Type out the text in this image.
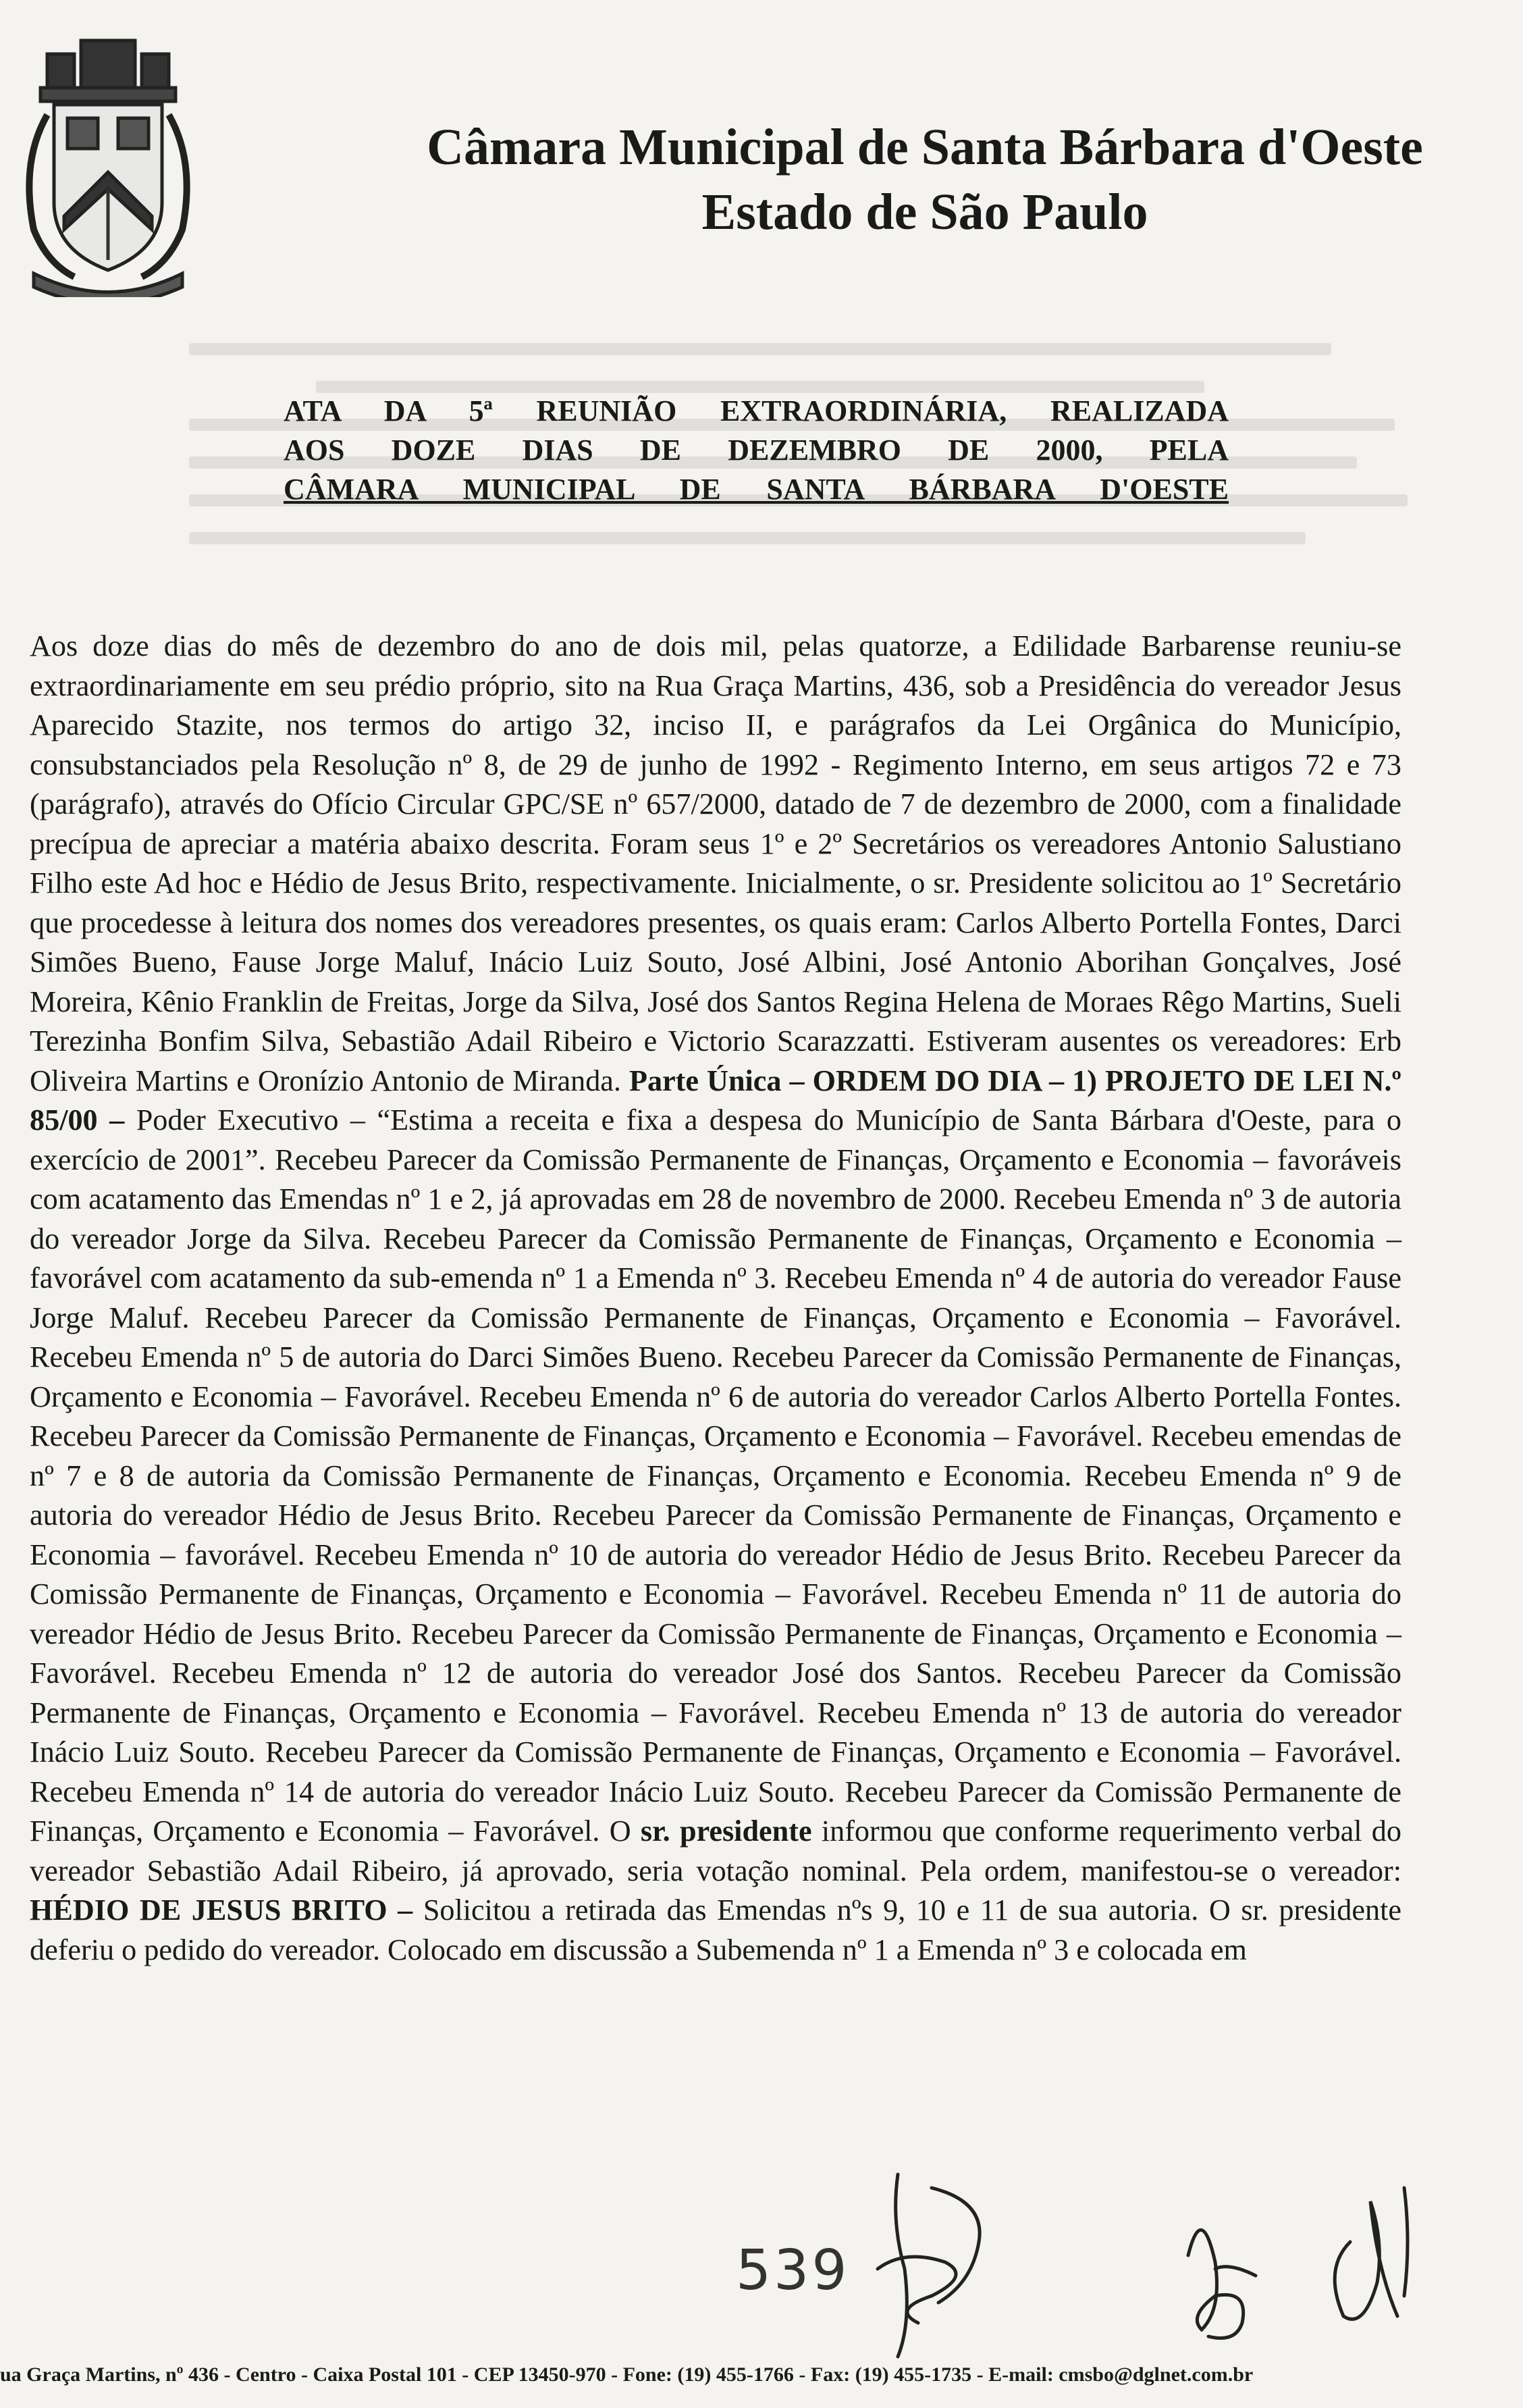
Câmara Municipal de Santa Bárbara d'Oeste

Estado de São Paulo

ATA DA 5ª REUNIÃO EXTRAORDINÁRIA, REALIZADA
AOS DOZE DIAS DE DEZEMBRO DE 2000, PELA
CÂMARA MUNICIPAL DE SANTA BÁRBARA D'OESTE

Aos doze dias do mês de dezembro do ano de dois mil, pelas quatorze, a Edilidade Barbarense reuniu-se extraordinariamente em seu prédio próprio, sito na Rua Graça Martins, 436, sob a Presidência do vereador Jesus Aparecido Stazite, nos termos do artigo 32, inciso II, e parágrafos da Lei Orgânica do Município, consubstanciados pela Resolução nº 8, de 29 de junho de 1992 - Regimento Interno, em seus artigos 72 e 73 (parágrafo), através do Ofício Circular GPC/SE nº 657/2000, datado de 7 de dezembro de 2000, com a finalidade precípua de apreciar a matéria abaixo descrita. Foram seus 1º e 2º Secretários os vereadores Antonio Salustiano Filho este Ad hoc e Hédio de Jesus Brito, respectivamente. Inicialmente, o sr. Presidente solicitou ao 1º Secretário que procedesse à leitura dos nomes dos vereadores presentes, os quais eram: Carlos Alberto Portella Fontes, Darci Simões Bueno, Fause Jorge Maluf, Inácio Luiz Souto, José Albini, José Antonio Aborihan Gonçalves, José Moreira, Kênio Franklin de Freitas, Jorge da Silva, José dos Santos Regina Helena de Moraes Rêgo Martins, Sueli Terezinha Bonfim Silva, Sebastião Adail Ribeiro e Victorio Scarazzatti. Estiveram ausentes os vereadores: Erb Oliveira Martins e Oronízio Antonio de Miranda. Parte Única – ORDEM DO DIA – 1) PROJETO DE LEI N.º 85/00 – Poder Executivo – “Estima a receita e fixa a despesa do Município de Santa Bárbara d'Oeste, para o exercício de 2001”. Recebeu Parecer da Comissão Permanente de Finanças, Orçamento e Economia – favoráveis com acatamento das Emendas nº 1 e 2, já aprovadas em 28 de novembro de 2000. Recebeu Emenda nº 3 de autoria do vereador Jorge da Silva. Recebeu Parecer da Comissão Permanente de Finanças, Orçamento e Economia – favorável com acatamento da sub-emenda nº 1 a Emenda nº 3. Recebeu Emenda nº 4 de autoria do vereador Fause Jorge Maluf. Recebeu Parecer da Comissão Permanente de Finanças, Orçamento e Economia – Favorável. Recebeu Emenda nº 5 de autoria do Darci Simões Bueno. Recebeu Parecer da Comissão Permanente de Finanças, Orçamento e Economia – Favorável. Recebeu Emenda nº 6 de autoria do vereador Carlos Alberto Portella Fontes. Recebeu Parecer da Comissão Permanente de Finanças, Orçamento e Economia – Favorável. Recebeu emendas de nº 7 e 8 de autoria da Comissão Permanente de Finanças, Orçamento e Economia. Recebeu Emenda nº 9 de autoria do vereador Hédio de Jesus Brito. Recebeu Parecer da Comissão Permanente de Finanças, Orçamento e Economia – favorável. Recebeu Emenda nº 10 de autoria do vereador Hédio de Jesus Brito. Recebeu Parecer da Comissão Permanente de Finanças, Orçamento e Economia – Favorável. Recebeu Emenda nº 11 de autoria do vereador Hédio de Jesus Brito. Recebeu Parecer da Comissão Permanente de Finanças, Orçamento e Economia – Favorável. Recebeu Emenda nº 12 de autoria do vereador José dos Santos. Recebeu Parecer da Comissão Permanente de Finanças, Orçamento e Economia – Favorável. Recebeu Emenda nº 13 de autoria do vereador Inácio Luiz Souto. Recebeu Parecer da Comissão Permanente de Finanças, Orçamento e Economia – Favorável. Recebeu Emenda nº 14 de autoria do vereador Inácio Luiz Souto. Recebeu Parecer da Comissão Permanente de Finanças, Orçamento e Economia – Favorável. O sr. presidente informou que conforme requerimento verbal do vereador Sebastião Adail Ribeiro, já aprovado, seria votação nominal. Pela ordem, manifestou-se o vereador: HÉDIO DE JESUS BRITO – Solicitou a retirada das Emendas nºs 9, 10 e 11 de sua autoria. O sr. presidente deferiu o pedido do vereador. Colocado em discussão a Subemenda nº 1 a Emenda nº 3 e colocada em

539
ua Graça Martins, nº 436 - Centro - Caixa Postal 101 - CEP 13450-970 - Fone: (19) 455-1766 - Fax: (19) 455-1735 - E-mail: cmsbo@dglnet.com.br
